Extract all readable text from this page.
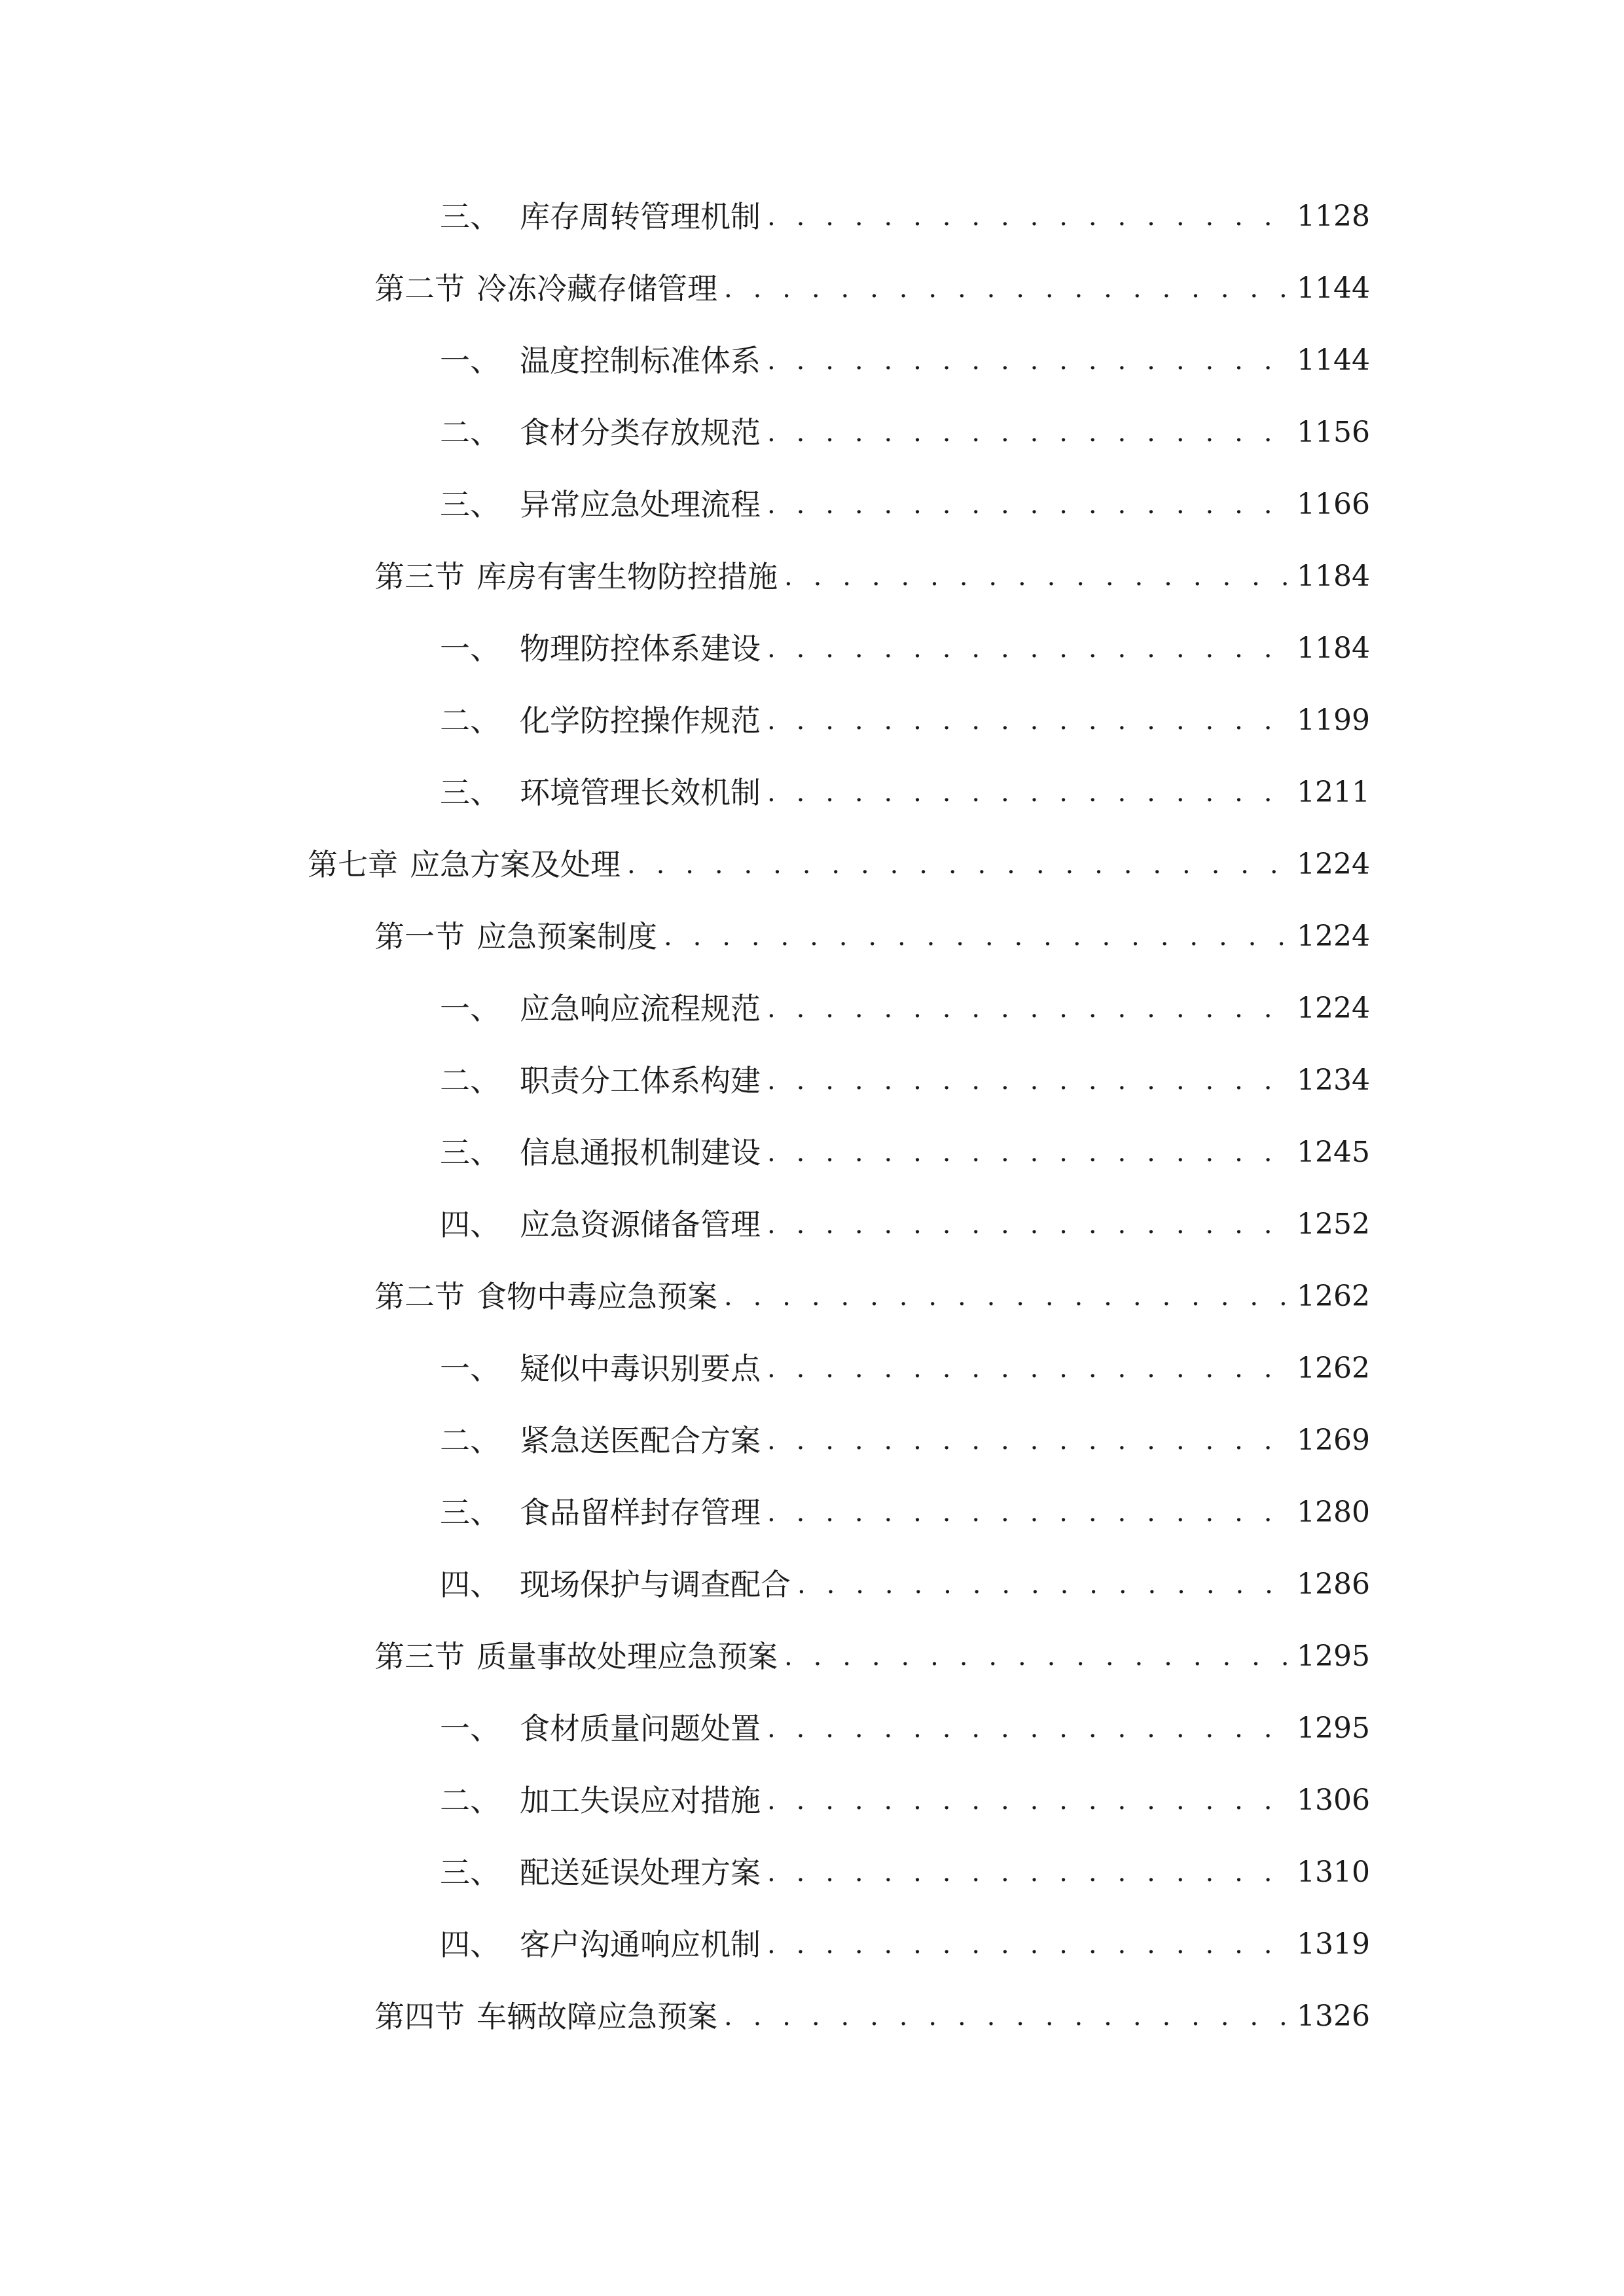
三、 库存周转管理机制 . . .	1128
第二节 冷冻冷藏存储管理 . . .	1144
一、 温度控制标准体系 . . .	1144
二、 食材分类存放规范 . . .	1156
三、 异常应急处理流程 . . .	1166
第三节 库房有害生物防控措施 . . .	1184
一、 物理防控体系建设 . . .	1184
二、 化学防控操作规范 . . .	1199
三、 环境管理长效机制 . . .	1211
第七章 应急方案及处理 . . .	1224
第一节 应急预案制度 . . .	1224
一、 应急响应流程规范 . . .	1224
二、 职责分工体系构建 . . .	1234
三、 信息通报机制建设 . . .	1245
四、 应急资源储备管理 . . .	1252
第二节 食物中毒应急预案 . . .	1262
一、 疑似中毒识别要点 . . .	1262
二、 紧急送医配合方案 . . .	1269
三、 食品留样封存管理 . . .	1280
四、 现场保护与调查配合 . . .	1286
第三节 质量事故处理应急预案 . . .	1295
一、 食材质量问题处置 . . .	1295
二、 加工失误应对措施 . . .	1306
三、 配送延误处理方案 . . .	1310
四、 客户沟通响应机制 . . .	1319
第四节 车辆故障应急预案 . . .	1326
